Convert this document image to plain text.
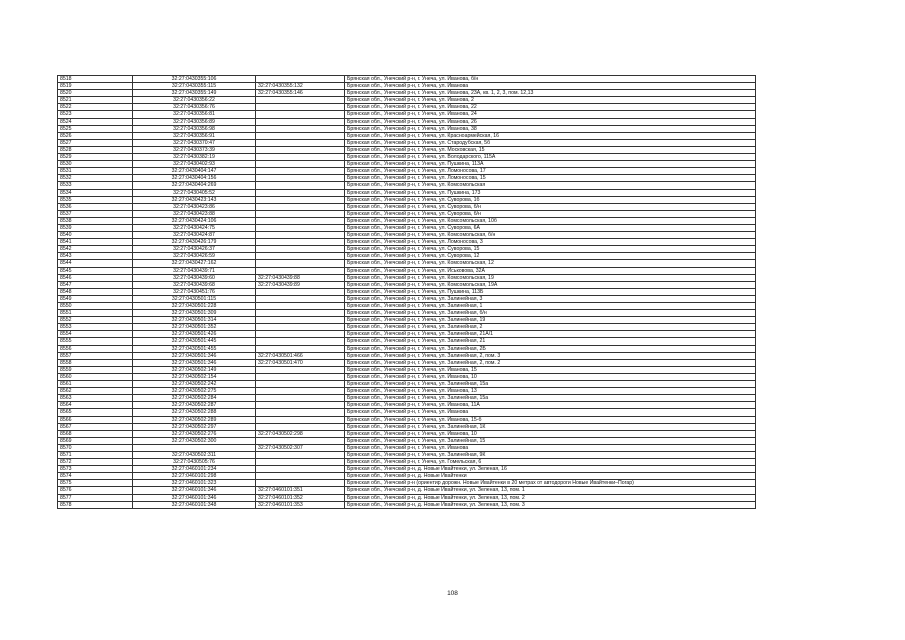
8518	32:27:0430355:106		Брянская обл., Унечский р-н, г. Унеча, ул. Иванова, б/н
8519	32:27:0430355:115	32:27:0430355:132	Брянская обл., Унечский р-н, г. Унеча, ул. Иванова
8520	32:27:0430355:149	32:27:0430355:146	Брянская обл., Унечский р-н, г. Унеча, ул. Иванова, 23А, кв. 1, 2, 3, пом. 12,13
8521	32:27:0430356:22		Брянская обл., Унечский р-н, г. Унеча, ул. Иванова, 2
8522	32:27:0430356:76		Брянская обл., Унечский р-н, г. Унеча, ул. Иванова, 22
8523	32:27:0430356:81		Брянская обл., Унечский р-н, г. Унеча, ул. Иванова, 24
8524	32:27:0430356:89		Брянская обл., Унечский р-н, г. Унеча, ул. Иванова, 26
8525	32:27:0430356:98		Брянская обл., Унечский р-н, г. Унеча, ул. Иванова, 38
8526	32:27:0430356:91		Брянская обл., Унечский р-н, г. Унеча, ул. Красноармейская, 16
8527	32:27:0430370:47		Брянская обл., Унечский р-н, г. Унеча, ул. Стародубская, 5б
8528	32:27:0430373:39		Брянская обл., Унечский р-н, г. Унеча, ул. Московская, 15
8529	32:27:0430382:19		Брянская обл., Унечский р-н, г. Унеча, ул. Володарского, 115А
8530	32:27:0430402:93		Брянская обл., Унечский р-н, г. Унеча, ул. Пушкина, 113А
8531	32:27:0430404:147		Брянская обл., Унечский р-н, г. Унеча, ул. Ломоносова, 17
8532	32:27:0430404:156		Брянская обл., Унечский р-н, г. Унеча, ул. Ломоносова, 15
8533	32:27:0430404:269		Брянская обл., Унечский р-н, г. Унеча, ул. Комсомольская
8534	32:27:0430405:52		Брянская обл., Унечский р-н, г. Унеча, ул. Пушкина, 173
8535	32:27:0430423:143		Брянская обл., Унечский р-н, г. Унеча, ул. Суворова, 1б
8536	32:27:0430423:86		Брянская обл., Унечский р-н, г. Унеча, ул. Суворова, б/н
8537	32:27:0430423:88		Брянская обл., Унечский р-н, г. Унеча, ул. Суворова, б/н
8538	32:27:0430424:106		Брянская обл., Унечский р-н, г. Унеча, ул. Комсомольская, 10б
8539	32:27:0430424:75		Брянская обл., Унечский р-н, г. Унеча, ул. Суворова, 6А
8540	32:27:0430424:87		Брянская обл., Унечский р-н, г. Унеча, ул. Комсомольская, б/н
8541	32:27:0430426:179		Брянская обл., Унечский р-н, г. Унеча, ул. Ломоносова, 3
8542	32:27:0430426:37		Брянская обл., Унечский р-н, г. Унеча, ул. Суворова, 15
8543	32:27:0430426:59		Брянская обл., Унечский р-н, г. Унеча, ул. Суворова, 12
8544	32:27:0430427:162		Брянская обл., Унечский р-н, г. Унеча, ул. Комсомольская, 12
8545	32:27:0430439:71		Брянская обл., Унечский р-н, г. Унеча, ул. Иськовова, 32А
8546	32:27:0430439:60	32:27:0430439:88	Брянская обл., Унечский р-н, г. Унеча, ул. Комсомольская, 19
8547	32:27:0430439:68	32:27:0430439:89	Брянская обл., Унечский р-н, г. Унеча, ул. Комсомольская, 19А
8548	32:27:0430451:76		Брянская обл., Унечский р-н, г. Унеча, ул. Пушкина, 113Б
8549	32:27:0430501:115		Брянская обл., Унечский р-н, г. Унеча, ул. Залинейная, 3
8550	32:27:0430501:228		Брянская обл., Унечский р-н, г. Унеча, ул. Залинейная, 1
8551	32:27:0430501:309		Брянская обл., Унечский р-н, г. Унеча, ул. Залинейная, б/н
8552	32:27:0430501:314		Брянская обл., Унечский р-н, г. Унеча, ул. Залинейная, 19
8553	32:27:0430501:352		Брянская обл., Унечский р-н, г. Унеча, ул. Залинейная, 2
8554	32:27:0430501:426		Брянская обл., Унечский р-н, г. Унеча, ул. Залинейная, 21А/1
8555	32:27:0430501:445		Брянская обл., Унечский р-н, г. Унеча, ул. Залинейная, 21
8556	32:27:0430501:455		Брянская обл., Унечский р-н, г. Унеча, ул. Залинейная, 2Б
8557	32:27:0430501:346	32:27:0430501:466	Брянская обл., Унечский р-н, г. Унеча, ул. Залинейная, 2, пом. 3
8558	32:27:0430501:346	32:27:0430501:470	Брянская обл., Унечский р-н, г. Унеча, ул. Залинейная, 2, пом. 2
8559	32:27:0430502:149		Брянская обл., Унечский р-н, г. Унеча, ул. Иванова, 15
8560	32:27:0430502:154		Брянская обл., Унечский р-н, г. Унеча, ул. Иванова, 10
8561	32:27:0430502:242		Брянская обл., Унечский р-н, г. Унеча, ул. Залинейная, 15а
8562	32:27:0430502:275		Брянская обл., Унечский р-н, г. Унеча, ул. Иванова, 13
8563	32:27:0430502:284		Брянская обл., Унечский р-н, г. Унеча, ул. Залинейная, 15а
8564	32:27:0430502:287		Брянская обл., Унечский р-н, г. Унеча, ул. Иванова, 11А
8565	32:27:0430502:288		Брянская обл., Унечский р-н, г. Унеча, ул. Иванова
8566	32:27:0430502:289		Брянская обл., Унечский р-н, г. Унеча, ул. Иванова, 15-б
8567	32:27:0430502:297		Брянская обл., Унечский р-н, г. Унеча, ул. Залинейная, 1К
8568	32:27:0430502:276	32:27:0430502:298	Брянская обл., Унечский р-н, г. Унеча, ул. Иванова, 10
8569	32:27:0430502:300		Брянская обл., Унечский р-н, г. Унеча, ул. Залинейная, 15
8570		32:27:0430502:307	Брянская обл., Унечский р-н, г. Унеча, ул. Иванова
8571	32:27:0430502:311		Брянская обл., Унечский р-н, г. Унеча, ул. Залинейная, 9К
8572	32:27:0430505:76		Брянская обл., Унечский р-н, г. Унеча, ул. Гомельская, 6
8573	32:27:0460101:234		Брянская обл., Унечский р-н, д. Новые Ивайтенки, ул. Зеленая, 16
8574	32:27:0460101:298		Брянская обл., Унечский р-н, д. Новые Ивайтенки
8575	32:27:0460101:323		Брянская обл., Унечский р-н (ориентир дорожн. Новые Ивайтенки в 20 метрах от автодороги Новые Ивайтенки–Погар)
8576	32:27:0460101:346	32:27:0460101:351	Брянская обл., Унечский р-н, д. Новые Ивайтенки, ул. Зеленая, 13, пом. 1
8577	32:27:0460101:346	32:27:0460101:352	Брянская обл., Унечский р-н, д. Новые Ивайтенки, ул. Зеленая, 13, пом. 2
8578	32:27:0460101:348	32:27:0460101:353	Брянская обл., Унечский р-н, д. Новые Ивайтенки, ул. Зеленая, 13, пом. 3
108
